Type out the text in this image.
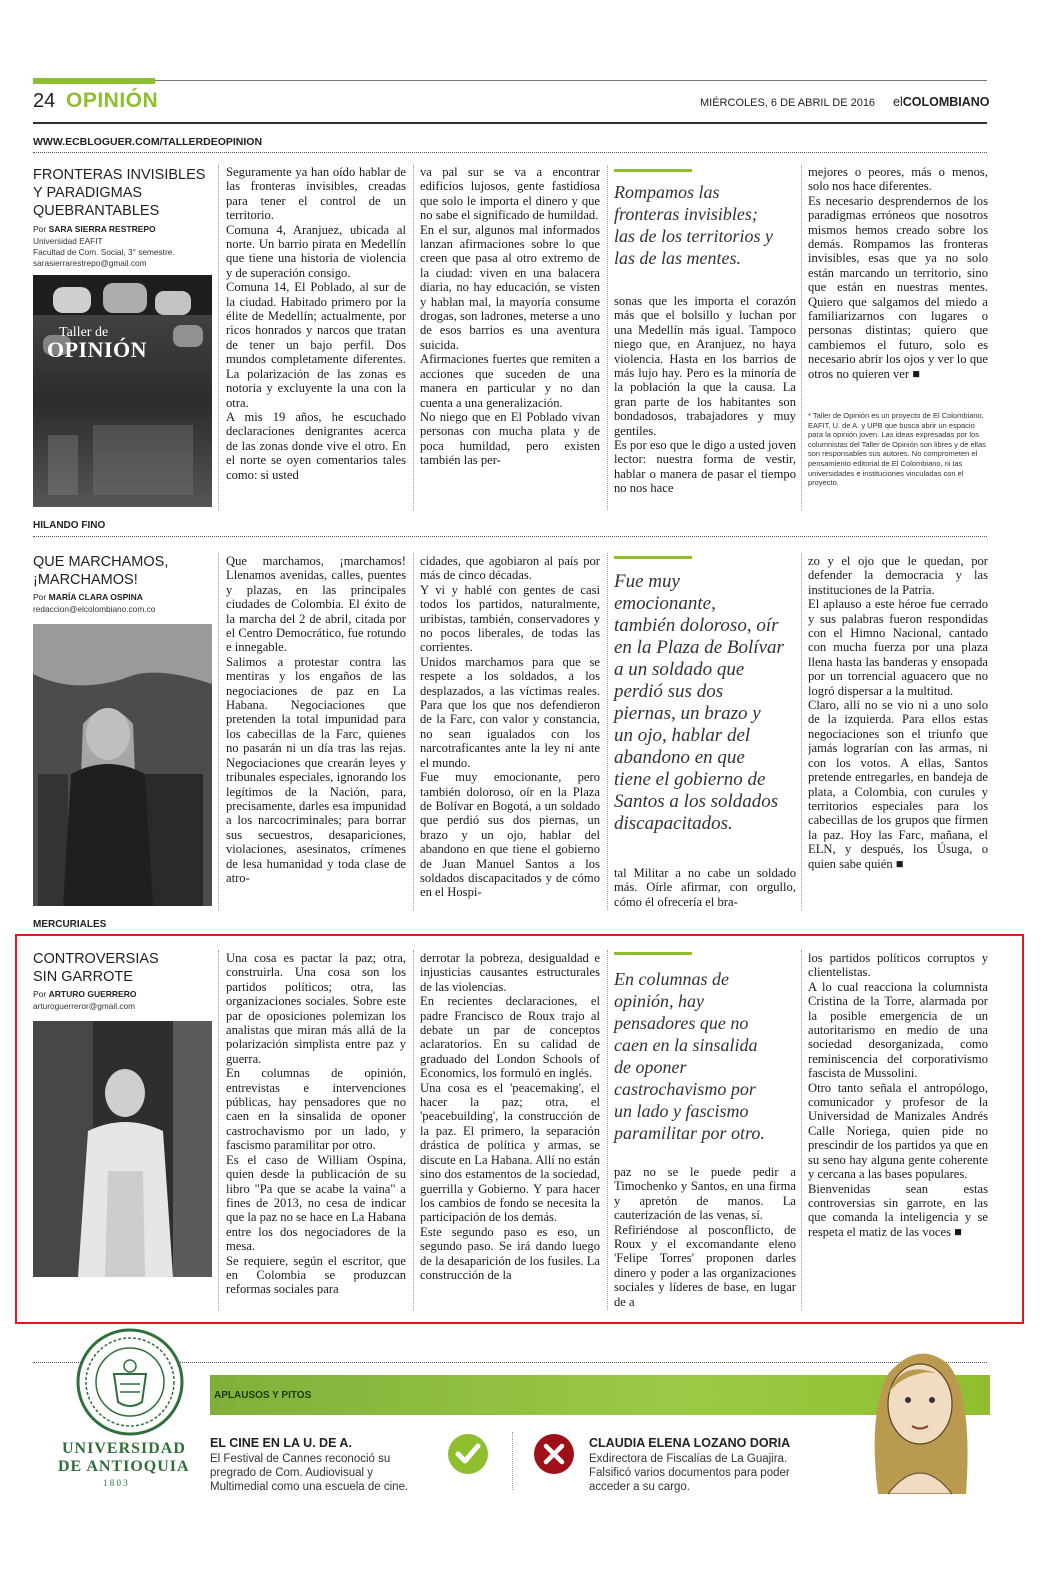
24 OPINIÓN	MIÉRCOLES, 6 DE ABRIL DE 2016 elCOLOMBIANO
WWW.ECBLOGUER.COM/TALLERDEOPINION
FRONTERAS INVISIBLES
Y PARADIGMAS
QUEBRANTABLES
Por SARA SIERRA RESTREPO
Universidad EAFIT
Facultad de Com. Social, 3° semestre.
sarasierrarestrepo@gmail.com
Taller de
OPINIÓN
Seguramente ya han oído hablar de las fronteras invisibles, creadas para tener el control de un territorio.
Comuna 4, Aranjuez, ubicada al norte. Un barrio pirata en Medellín que tiene una historia de violencia y de superación consigo.
Comuna 14, El Poblado, al sur de la ciudad. Habitado primero por la élite de Medellín; actualmente, por ricos honrados y narcos que tratan de tener un bajo perfil. Dos mundos completamente diferentes. La polarización de las zonas es notoria y excluyente la una con la otra.
A mis 19 años, he escuchado declaraciones denigrantes acerca de las zonas donde vive el otro. En el norte se oyen comentarios tales como: si usted
va pal sur se va a encontrar edificios lujosos, gente fastidiosa que solo le importa el dinero y que no sabe el significado de humildad.
En el sur, algunos mal informados lanzan afirmaciones sobre lo que creen que pasa al otro extremo de la ciudad: viven en una balacera diaria, no hay educación, se visten y hablan mal, la mayoría consume drogas, son ladrones, meterse a uno de esos barrios es una aventura suicida.
Afirmaciones fuertes que remiten a acciones que suceden de una manera en particular y no dan cuenta a una generalización.
No niego que en El Poblado vivan personas con mucha plata y de poca humildad, pero existen también las per-
Rompamos las
fronteras invisibles;
las de los territorios y
las de las mentes.
sonas que les importa el corazón más que el bolsillo y luchan por una Medellín más igual. Tampoco niego que, en Aranjuez, no haya violencia. Hasta en los barrios de más lujo hay. Pero es la minoría de la población la que la causa. La gran parte de los habitantes son bondadosos, trabajadores y muy gentiles.
Es por eso que le digo a usted joven lector: nuestra forma de vestir, hablar o manera de pasar el tiempo no nos hace
mejores o peores, más o menos, solo nos hace diferentes.
Es necesario desprendernos de los paradigmas erróneos que nosotros mismos hemos creado sobre los demás. Rompamos las fronteras invisibles, esas que ya no solo están marcando un territorio, sino que están en nuestras mentes. Quiero que salgamos del miedo a familiarizarnos con lugares o personas distintas; quiero que cambiemos el futuro, solo es necesario abrir los ojos y ver lo que otros no quieren ver ■
* Taller de Opinión es un proyecto de El Colombiano, EAFIT, U. de A. y UPB que busca abrir un espacio para la opinión joven. Las ideas expresadas por los columnistas del Taller de Opinión son libres y de ellas son responsables sus autores. No comprometen el pensamiento editorial de El Colombiano, ni las universidades e instituciones vinculadas con el proyecto.
HILANDO FINO
QUE MARCHAMOS,
¡MARCHAMOS!
Por MARÍA CLARA OSPINA
redaccion@elcolombiano.com.co
Que marchamos, ¡marchamos! Llenamos avenidas, calles, puentes y plazas, en las principales ciudades de Colombia. El éxito de la marcha del 2 de abril, citada por el Centro Democrático, fue rotundo e innegable.
Salimos a protestar contra las mentiras y los engaños de las negociaciones de paz en La Habana. Negociaciones que pretenden la total impunidad para los cabecillas de la Farc, quienes no pasarán ni un día tras las rejas. Negociaciones que crearán leyes y tribunales especiales, ignorando los legítimos de la Nación, para, precisamente, darles esa impunidad a los narcocriminales; para borrar sus secuestros, desapariciones, violaciones, asesinatos, crímenes de lesa humanidad y toda clase de atro-
cidades, que agobiaron al país por más de cinco décadas.
Y vi y hablé con gentes de casi todos los partidos, naturalmente, uribistas, también, conservadores y no pocos liberales, de todas las corrientes.
Unidos marchamos para que se respete a los soldados, a los desplazados, a las víctimas reales. Para que los que nos defendieron de la Farc, con valor y constancia, no sean igualados con los narcotraficantes ante la ley ni ante el mundo.
Fue muy emocionante, pero también doloroso, oír en la Plaza de Bolívar en Bogotá, a un soldado que perdió sus dos piernas, un brazo y un ojo, hablar del abandono en que tiene el gobierno de Juan Manuel Santos a los soldados discapacitados y de cómo en el Hospi-
Fue muy
emocionante,
también doloroso, oír
en la Plaza de Bolívar
a un soldado que
perdió sus dos
piernas, un brazo y
un ojo, hablar del
abandono en que
tiene el gobierno de
Santos a los soldados
discapacitados.
tal Militar a no cabe un soldado más. Oírle afirmar, con orgullo, cómo él ofrecería el bra-
zo y el ojo que le quedan, por defender la democracia y las instituciones de la Patria.
El aplauso a este héroe fue cerrado y sus palabras fueron respondidas con el Himno Nacional, cantado con mucha fuerza por una plaza llena hasta las banderas y ensopada por un torrencial aguacero que no logró dispersar a la multitud.
Claro, allí no se vio ni a uno solo de la izquierda. Para ellos estas negociaciones son el triunfo que jamás lograrían con las armas, ni con los votos. A ellas, Santos pretende entregarles, en bandeja de plata, a Colombia, con curules y territorios especiales para los cabecillas de los grupos que firmen la paz. Hoy las Farc, mañana, el ELN, y después, los Úsuga, o quien sabe quién ■
MERCURIALES
CONTROVERSIAS
SIN GARROTE
Por ARTURO GUERRERO
arturoguerreror@gmail.com
Una cosa es pactar la paz; otra, construirla. Una cosa son los partidos políticos; otra, las organizaciones sociales. Sobre este par de oposiciones polemizan los analistas que miran más allá de la polarización simplista entre paz y guerra.
En columnas de opinión, entrevistas e intervenciones públicas, hay pensadores que no caen en la sinsalida de oponer castrochavismo por un lado, y fascismo paramilitar por otro.
Es el caso de William Ospina, quien desde la publicación de su libro "Pa que se acabe la vaina" a fines de 2013, no cesa de indicar que la paz no se hace en La Habana entre los dos negociadores de la mesa.
Se requiere, según el escritor, que en Colombia se produzcan reformas sociales para
derrotar la pobreza, desigualdad e injusticias causantes estructurales de las violencias.
En recientes declaraciones, el padre Francisco de Roux trajo al debate un par de conceptos aclaratorios. En su calidad de graduado del London Schools of Economics, los formuló en inglés.
Una cosa es el 'peacemaking', el hacer la paz; otra, el 'peacebuilding', la construcción de la paz. El primero, la separación drástica de política y armas, se discute en La Habana. Allí no están sino dos estamentos de la sociedad, guerrilla y Gobierno. Y para hacer los cambios de fondo se necesita la participación de los demás.
Este segundo paso es eso, un segundo paso. Se irá dando luego de la desaparición de los fusiles. La construcción de la
En columnas de
opinión, hay
pensadores que no
caen en la sinsalida
de oponer
castrochavismo por
un lado y fascismo
paramilitar por otro.
paz no se le puede pedir a Timochenko y Santos, en una firma y apretón de manos. La cauterización de las venas, sí.
Refiriéndose al posconflicto, de Roux y el excomandante eleno 'Felipe Torres' proponen darles dinero y poder a las organizaciones sociales y líderes de base, en lugar de a
los partidos políticos corruptos y clientelistas.
A lo cual reacciona la columnista Cristina de la Torre, alarmada por la posible emergencia de un autoritarismo en medio de una sociedad desorganizada, como reminiscencia del corporativismo fascista de Mussolini.
Otro tanto señala el antropólogo, comunicador y profesor de la Universidad de Manizales Andrés Calle Noriega, quien pide no prescindir de los partidos ya que en su seno hay alguna gente coherente y cercana a las bases populares.
Bienvenidas sean estas controversias sin garrote, en las que comanda la inteligencia y se respeta el matiz de las voces ■
APLAUSOS Y PITOS
UNIVERSIDAD
DE ANTIOQUIA
1 8 0 3
EL CINE EN LA U. DE A.
El Festival de Cannes reconoció su pregrado de Com. Audiovisual y Multimedial como una escuela de cine.
CLAUDIA ELENA LOZANO DORIA
Exdirectora de Fiscalías de La Guajira. Falsificó varios documentos para poder acceder a su cargo.
